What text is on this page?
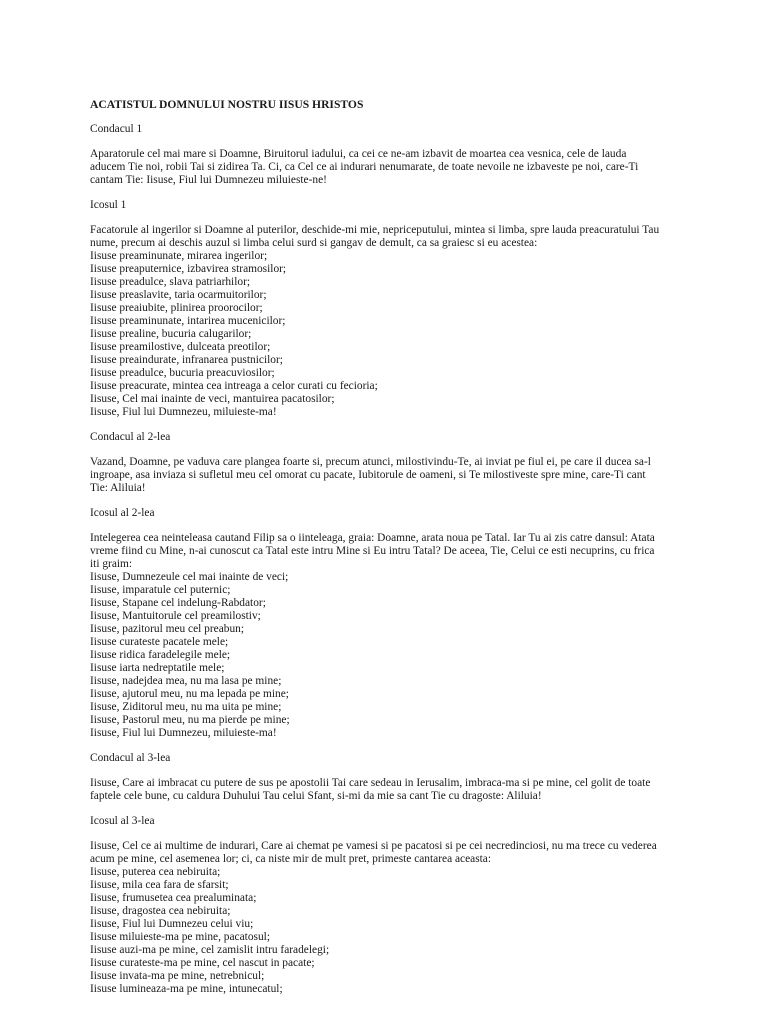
ACATISTUL DOMNULUI NOSTRU IISUS HRISTOS
Condacul 1
Aparatorule cel mai mare si Doamne, Biruitorul iadului, ca cei ce ne-am izbavit de moartea cea vesnica, cele de lauda
aducem Tie noi, robii Tai si zidirea Ta. Ci, ca Cel ce ai indurari nenumarate, de toate nevoile ne izbaveste pe noi, care-Ti
cantam Tie: Iisuse, Fiul lui Dumnezeu miluieste-ne!
Icosul 1
Facatorule al ingerilor si Doamne al puterilor, deschide-mi mie, nepriceputului, mintea si limba, spre lauda preacuratului Tau
nume, precum ai deschis auzul si limba celui surd si gangav de demult, ca sa graiesc si eu acestea:
Iisuse preaminunate, mirarea ingerilor;
Iisuse preaputernice, izbavirea stramosilor;
Iisuse preadulce, slava patriarhilor;
Iisuse preaslavite, taria ocarmuitorilor;
Iisuse preaiubite, plinirea proorocilor;
Iisuse preaminunate, intarirea mucenicilor;
Iisuse prealine, bucuria calugarilor;
Iisuse preamilostive, dulceata preotilor;
Iisuse preaindurate, infranarea pustnicilor;
Iisuse preadulce, bucuria preacuviosilor;
Iisuse preacurate, mintea cea intreaga a celor curati cu fecioria;
Iisuse, Cel mai inainte de veci, mantuirea pacatosilor;
Iisuse, Fiul lui Dumnezeu, miluieste-ma!
Condacul al 2-lea
Vazand, Doamne, pe vaduva care plangea foarte si, precum atunci, milostivindu-Te, ai inviat pe fiul ei, pe care il ducea sa-l
ingroape, asa inviaza si sufletul meu cel omorat cu pacate, Iubitorule de oameni, si Te milostiveste spre mine, care-Ti cant
Tie: Aliluia!
Icosul al 2-lea
Intelegerea cea neinteleasa cautand Filip sa o iinteleaga, graia: Doamne, arata noua pe Tatal. Iar Tu ai zis catre dansul: Atata
vreme fiind cu Mine, n-ai cunoscut ca Tatal este intru Mine si Eu intru Tatal? De aceea, Tie, Celui ce esti necuprins, cu frica
iti graim:
Iisuse, Dumnezeule cel mai inainte de veci;
Iisuse, imparatule cel puternic;
Iisuse, Stapane cel indelung-Rabdator;
Iisuse, Mantuitorule cel preamilostiv;
Iisuse, pazitorul meu cel preabun;
Iisuse curateste pacatele mele;
Iisuse ridica faradelegile mele;
Iisuse iarta nedreptatile mele;
Iisuse, nadejdea mea, nu ma lasa pe mine;
Iisuse, ajutorul meu, nu ma lepada pe mine;
Iisuse, Ziditorul meu, nu ma uita pe mine;
Iisuse, Pastorul meu, nu ma pierde pe mine;
Iisuse, Fiul lui Dumnezeu, miluieste-ma!
Condacul al 3-lea
Iisuse, Care ai imbracat cu putere de sus pe apostolii Tai care sedeau in Ierusalim, imbraca-ma si pe mine, cel golit de toate
faptele cele bune, cu caldura Duhului Tau celui Sfant, si-mi da mie sa cant Tie cu dragoste: Aliluia!
Icosul al 3-lea
Iisuse, Cel ce ai multime de indurari, Care ai chemat pe vamesi si pe pacatosi si pe cei necredinciosi, nu ma trece cu vederea
acum pe mine, cel asemenea lor; ci, ca niste mir de mult pret, primeste cantarea aceasta:
Iisuse, puterea cea nebiruita;
Iisuse, mila cea fara de sfarsit;
Iisuse, frumusetea cea prealuminata;
Iisuse, dragostea cea nebiruita;
Iisuse, Fiul lui Dumnezeu celui viu;
Iisuse miluieste-ma pe mine, pacatosul;
Iisuse auzi-ma pe mine, cel zamislit intru faradelegi;
Iisuse curateste-ma pe mine, cel nascut in pacate;
Iisuse invata-ma pe mine, netrebnicul;
Iisuse lumineaza-ma pe mine, intunecatul;
